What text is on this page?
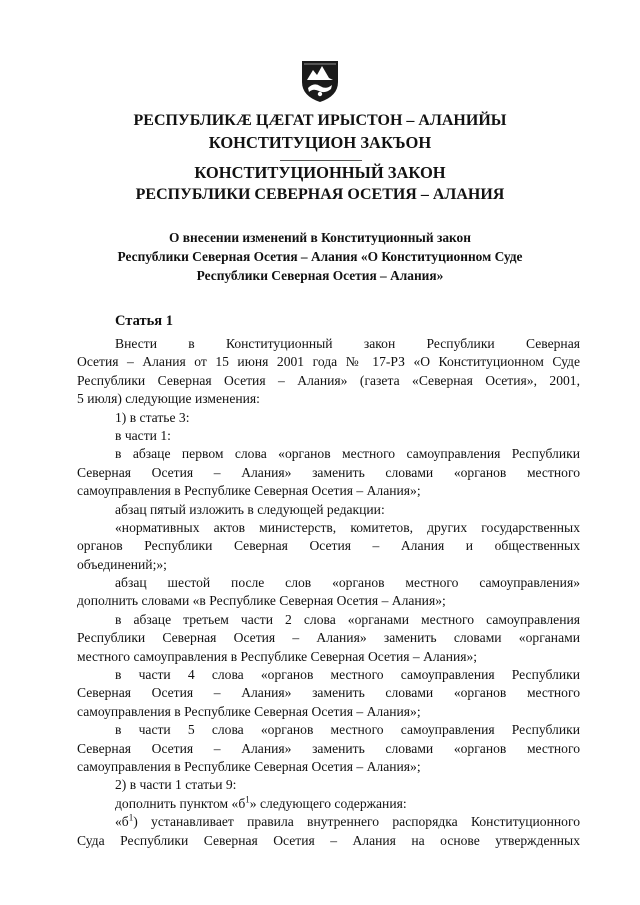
РЕСПУБЛИКӔ ЦӔГАТ ИРЫСТОН – АЛАНИЙЫ
КОНСТИТУЦИОН ЗАКЪОН
КОНСТИТУЦИОННЫЙ ЗАКОН
РЕСПУБЛИКИ СЕВЕРНАЯ ОСЕТИЯ – АЛАНИЯ
О внесении изменений в Конституционный закон
Республики Северная Осетия – Алания «О Конституционном Суде
Республики Северная Осетия – Алания»
Статья 1
Внести в Конституционный закон Республики Северная
Осетия – Алания от 15 июня 2001 года № 17-РЗ «О Конституционном Суде
Республики Северная Осетия – Алания» (газета «Северная Осетия», 2001,
5 июля) следующие изменения:
1) в статье 3:
в части 1:
в абзаце первом слова «органов местного самоуправления Республики
Северная Осетия – Алания» заменить словами «органов местного
самоуправления в Республике Северная Осетия – Алания»;
абзац пятый изложить в следующей редакции:
«нормативных актов министерств, комитетов, других государственных
органов Республики Северная Осетия – Алания и общественных
объединений;»;
абзац шестой после слов «органов местного самоуправления»
дополнить словами «в Республике Северная Осетия – Алания»;
в абзаце третьем части 2 слова «органами местного самоуправления
Республики Северная Осетия – Алания» заменить словами «органами
местного самоуправления в Республике Северная Осетия – Алания»;
в части 4 слова «органов местного самоуправления Республики
Северная Осетия – Алания» заменить словами «органов местного
самоуправления в Республике Северная Осетия – Алания»;
в части 5 слова «органов местного самоуправления Республики
Северная Осетия – Алания» заменить словами «органов местного
самоуправления в Республике Северная Осетия – Алания»;
2) в части 1 статьи 9:
дополнить пунктом «$б^1$» следующего содержания:
«$б^1$) устанавливает правила внутреннего распорядка Конституционного
Суда Республики Северная Осетия – Алания на основе утвержденных
